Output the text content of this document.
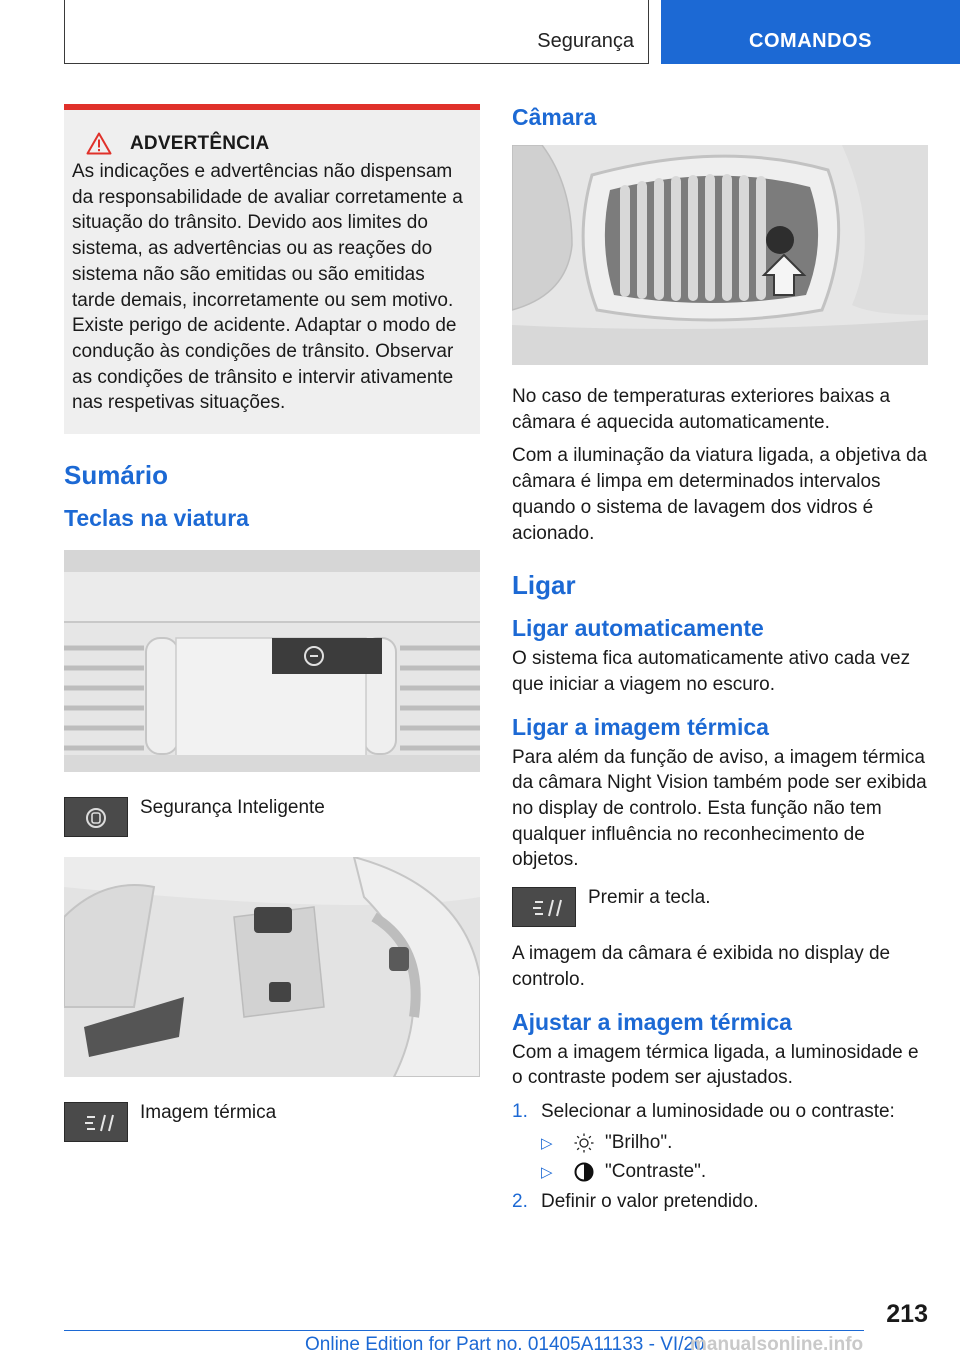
Segurança	COMANDOS
ADVERTÊNCIA
As indicações e advertências não dispensam da responsabilidade de avaliar corretamente a situação do trânsito. Devido aos limites do sistema, as advertências ou as reações do sistema não são emitidas ou são emitidas tarde demais, incorretamente ou sem motivo. Existe perigo de acidente. Adaptar o modo de condução às condições de trânsito. Observar as condições de trânsito e intervir ativamente nas respetivas situações.
Sumário
Teclas na viatura
Segurança Inteligente
Imagem térmica
Câmara
No caso de temperaturas exteriores baixas a câmara é aquecida automaticamente.
Com a iluminação da viatura ligada, a objetiva da câmara é limpa em determinados intervalos quando o sistema de lavagem dos vidros é acionado.
Ligar
Ligar automaticamente
O sistema fica automaticamente ativo cada vez que iniciar a viagem no escuro.
Ligar a imagem térmica
Para além da função de aviso, a imagem térmica da câmara Night Vision também pode ser exibida no display de controlo. Esta função não tem qualquer influência no reconhecimento de objetos.
Premir a tecla.
A imagem da câmara é exibida no display de controlo.
Ajustar a imagem térmica
Com a imagem térmica ligada, a luminosidade e o contraste podem ser ajustados.
1. Selecionar a luminosidade ou o contraste:
▷	"Brilho".
▷	"Contraste".
2. Definir o valor pretendido.
213
Online Edition for Part no. 01405A11133 - VI/20
manualsonline.info
